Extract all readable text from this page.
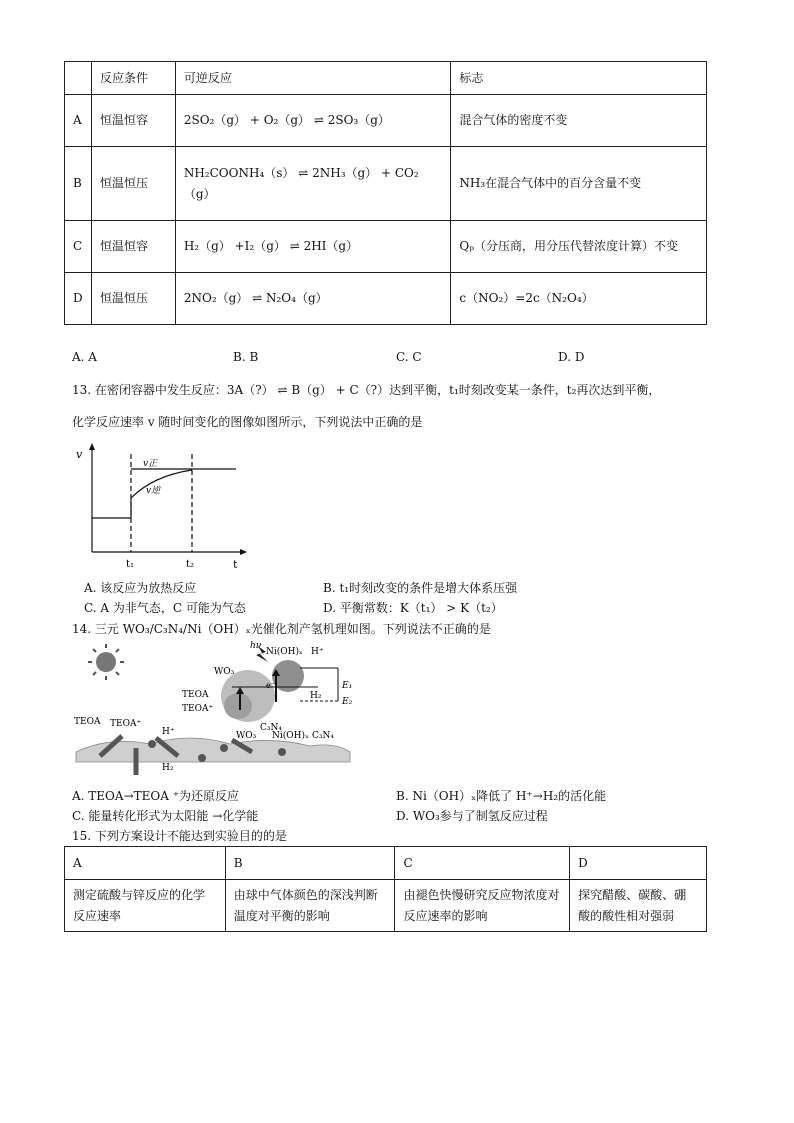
	反应条件	可逆反应	标志
A	恒温恒容	2SO₂（g） + O₂（g） ⇌ 2SO₃（g）	混合气体的密度不变
B	恒温恒压	NH₂COONH₄（s） ⇌ 2NH₃（g） + CO₂（g）	NH₃在混合气体中的百分含量不变
C	恒温恒容	H₂（g） +I₂（g） ⇌ 2HI（g）	Qₚ（分压商，用分压代替浓度计算）不变
D	恒温恒压	2NO₂（g） ⇌ N₂O₄（g）	c（NO₂）=2c（N₂O₄）
A. A	B. B	C. C	D. D
13. 在密闭容器中发生反应：3A（?） ⇌ B（g） + C（?）达到平衡，t₁时刻改变某一条件，t₂再次达到平衡，
化学反应速率 v 随时间变化的图像如图所示，下列说法中正确的是
v
t
t₁	t₂
v正
v逆
A. 该反应为放热反应	B. t₁时刻改变的条件是增大体系压强
C. A 为非气态，C 可能为气态	D. 平衡常数：K（t₁） > K（t₂）
14. 三元 WO₃/C₃N₄/Ni（OH）ₓ光催化剂产氢机理如图。下列说法不正确的是
hν
Ni(OH)ₓ H⁺
H₂
E₁
E₂
WO₃
C₃N₄
TEOA
TEOA⁺
e⁻
TEOA TEOA⁺
H⁺
H₂
WO₃ Ni(OH)ₓ C₃N₄
A. TEOA→TEOA ⁺为还原反应	B. Ni（OH）ₓ降低了 H⁺→H₂的活化能
C. 能量转化形式为太阳能 →化学能	D. WO₃参与了制氢反应过程
15. 下列方案设计不能达到实验目的的是
A	B	C	D
测定硫酸与锌反应的化学反应速率	由球中气体颜色的深浅判断温度对平衡的影响	由褪色快慢研究反应物浓度对反应速率的影响	探究醋酸、碳酸、硼酸的酸性相对强弱
